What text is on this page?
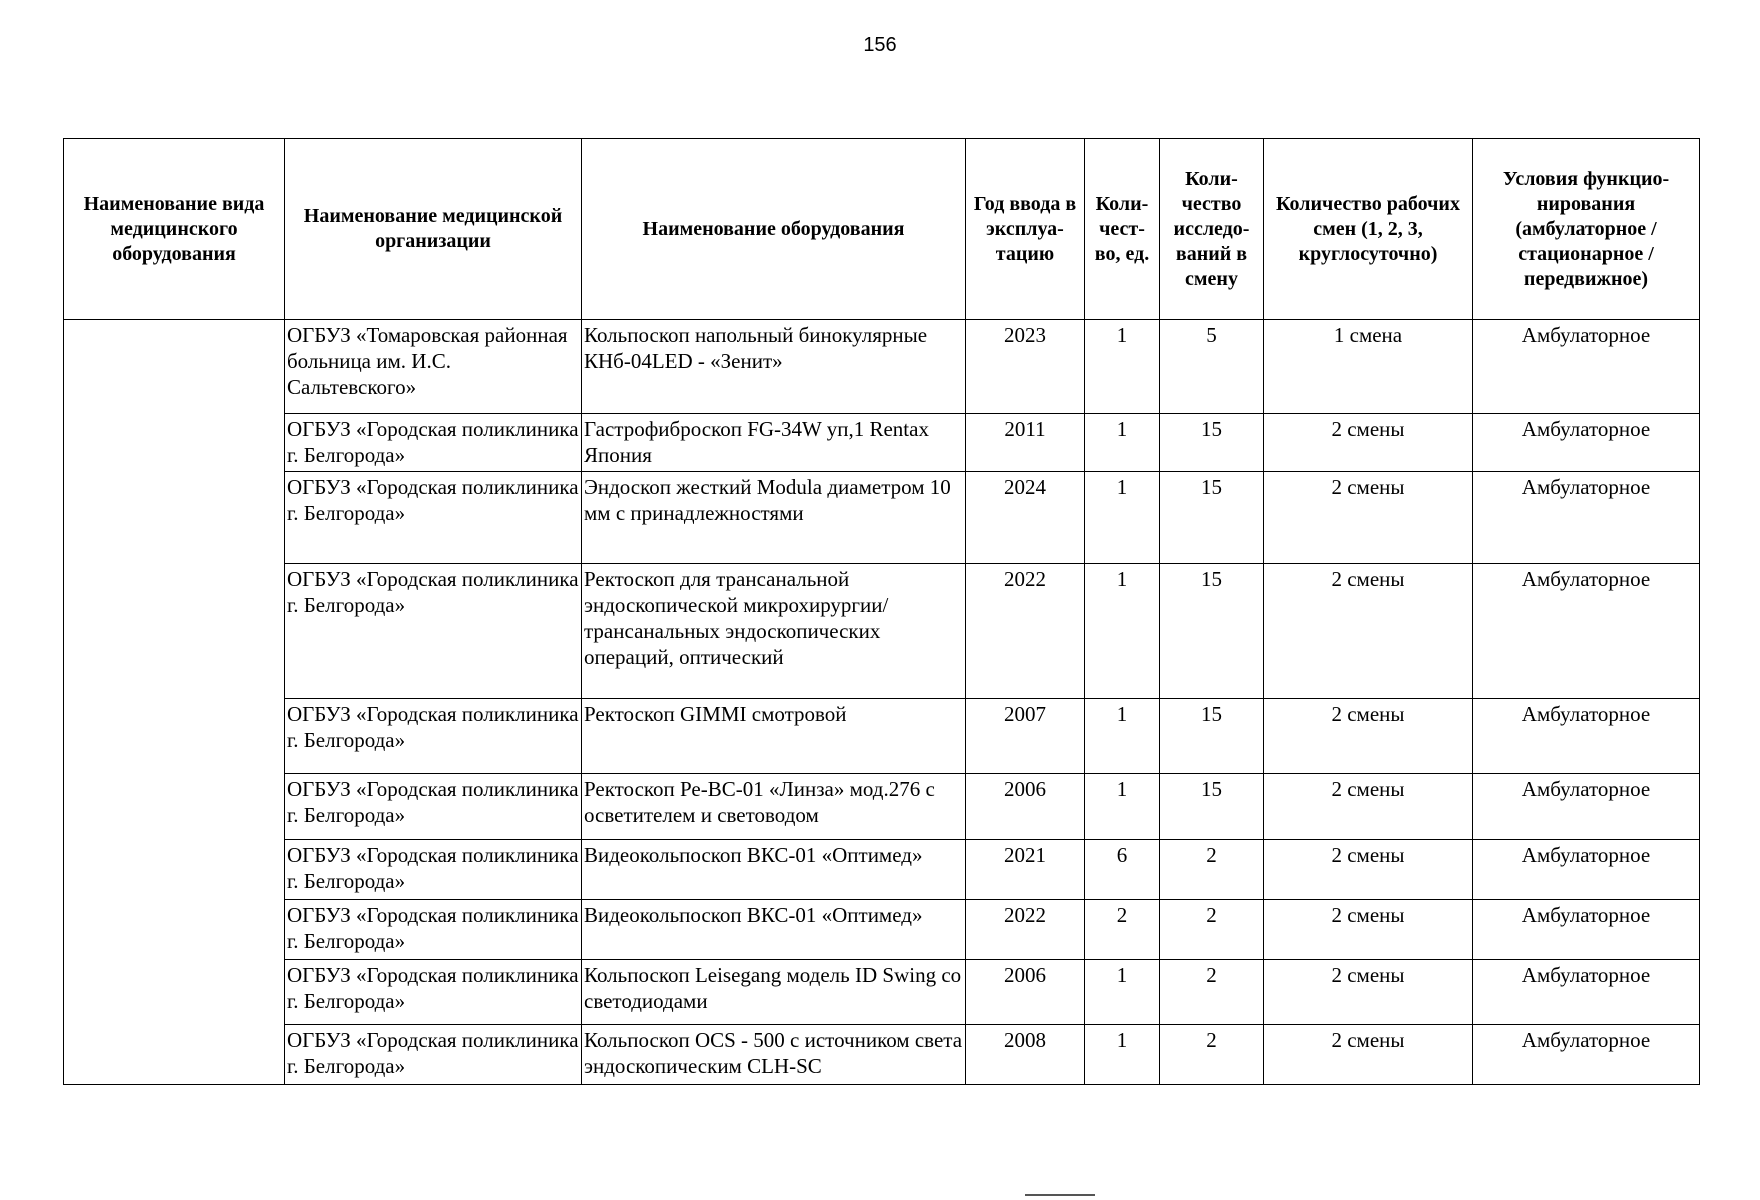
156
Наименование вида медицинского оборудования	Наименование медицинской организации	Наименование оборудования	Год ввода в эксплуа-тацию	Коли-чест-во, ед.	Коли-чество исследо-ваний в смену	Количество рабочих смен (1, 2, 3, круглосуточно)	Условия функцио-нирования (амбулаторное / стационарное / передвижное)
	ОГБУЗ «Томаровская районная больница им. И.С. Сальтевского»	Кольпоскоп напольный бинокулярные КНб-04LED - «Зенит»	2023	1	5	1 смена	Амбулаторное
	ОГБУЗ «Городская поликлиника г. Белгорода»	Гастрофиброскоп FG-34W уп,1 Rentax Япония	2011	1	15	2 смены	Амбулаторное
	ОГБУЗ «Городская поликлиника г. Белгорода»	Эндоскоп жесткий Modula диаметром 10 мм с принадлежностями	2024	1	15	2 смены	Амбулаторное
	ОГБУЗ «Городская поликлиника г. Белгорода»	Ректоскоп для трансанальной эндоскопической микрохирургии/трансанальных эндоскопических операций, оптический	2022	1	15	2 смены	Амбулаторное
	ОГБУЗ «Городская поликлиника г. Белгорода»	Ректоскоп GIMMI смотровой	2007	1	15	2 смены	Амбулаторное
	ОГБУЗ «Городская поликлиника г. Белгорода»	Ректоскоп Ре-ВС-01 «Линза» мод.276 с осветителем и световодом	2006	1	15	2 смены	Амбулаторное
	ОГБУЗ «Городская поликлиника г. Белгорода»	Видеокольпоскоп ВКС-01 «Оптимед»	2021	6	2	2 смены	Амбулаторное
	ОГБУЗ «Городская поликлиника г. Белгорода»	Видеокольпоскоп ВКС-01 «Оптимед»	2022	2	2	2 смены	Амбулаторное
	ОГБУЗ «Городская поликлиника г. Белгорода»	Кольпоскоп Leisegang модель ID Swing со светодиодами	2006	1	2	2 смены	Амбулаторное
	ОГБУЗ «Городская поликлиника г. Белгорода»	Кольпоскоп OCS - 500 с источником света эндоскопическим CLH-SC	2008	1	2	2 смены	Амбулаторное
